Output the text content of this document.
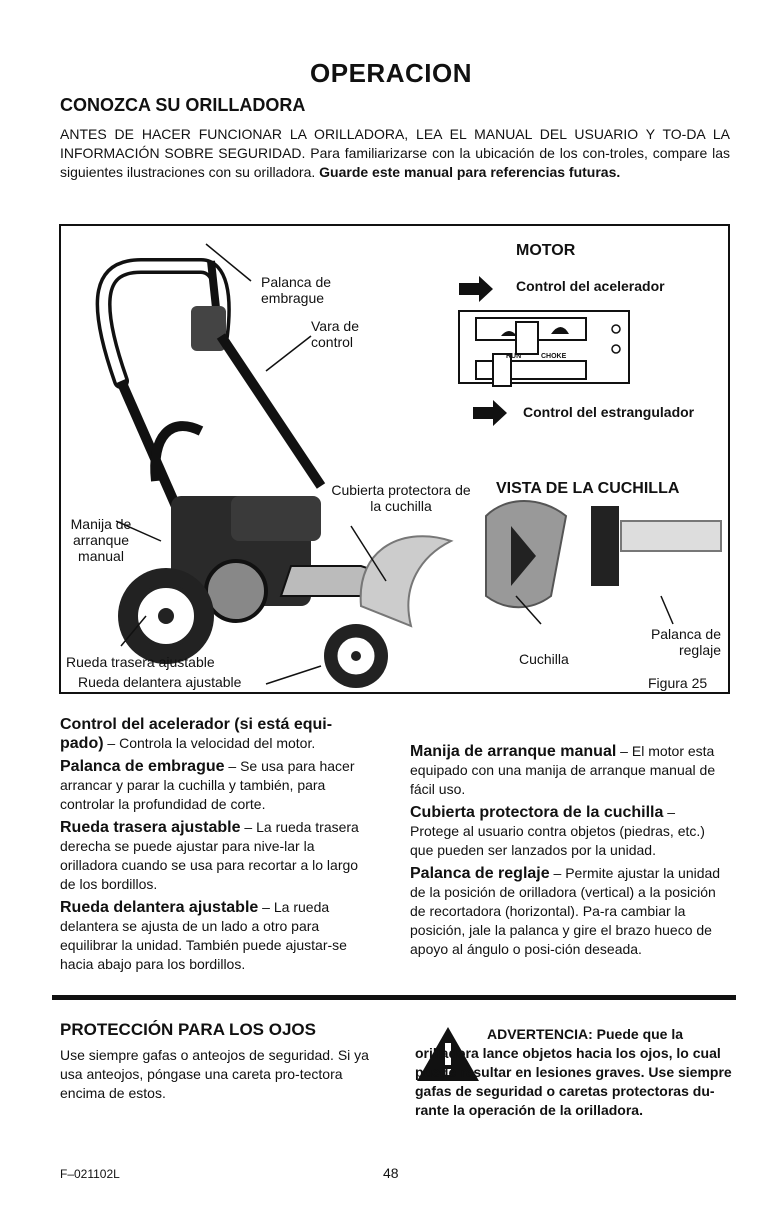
OPERACION
CONOZCA SU ORILLADORA
ANTES DE HACER FUNCIONAR LA ORILLADORA, LEA EL MANUAL DEL USUARIO Y TO-DA LA INFORMACIÓN SOBRE SEGURIDAD. Para familiarizarse con la ubicación de los con-troles, compare las siguientes ilustraciones con su orilladora. Guarde este manual para referencias futuras.
Palanca de embrague
Vara de control
MOTOR
Control del acelerador
RUN	CHOKE
Control del estrangulador
Cubierta protectora de la cuchilla
Manija de arranque manual
Rueda trasera ajustable
Rueda delantera ajustable
VISTA DE LA CUCHILLA
Cuchilla
Palanca de reglaje
Figura 25

Control del acelerador (si está equi-pado) – Controla la velocidad del motor.

Palanca de embrague – Se usa para hacer arrancar y parar la cuchilla y también, para controlar la profundidad de corte.

Rueda trasera ajustable – La rueda trasera derecha se puede ajustar para nive-lar la orilladora cuando se usa para recortar a lo largo de los bordillos.

Rueda delantera ajustable – La rueda delantera se ajusta de un lado a otro para equilibrar la unidad. También puede ajustar-se hacia abajo para los bordillos.

Manija de arranque manual – El motor esta equipado con una manija de arranque manual de fácil uso.

Cubierta protectora de la cuchilla – Protege al usuario contra objetos (piedras, etc.) que pueden ser lanzados por la unidad.

Palanca de reglaje – Permite ajustar la unidad de la posición de orilladora (vertical) a la posición de recortadora (horizontal). Pa-ra cambiar la posición, jale la palanca y gire el brazo hueco de apoyo al ángulo o posi-ción deseada.

PROTECCIÓN PARA LOS OJOS
Use siempre gafas o anteojos de seguridad. Si ya usa anteojos, póngase una careta pro-tectora encima de estos.
ADVERTENCIA: Puede que la orilladora lance objetos hacia los ojos, lo cual puede resultar en lesiones graves. Use siempre gafas de seguridad o caretas protectoras du-rante la operación de la orilladora.
F–021102L	48
